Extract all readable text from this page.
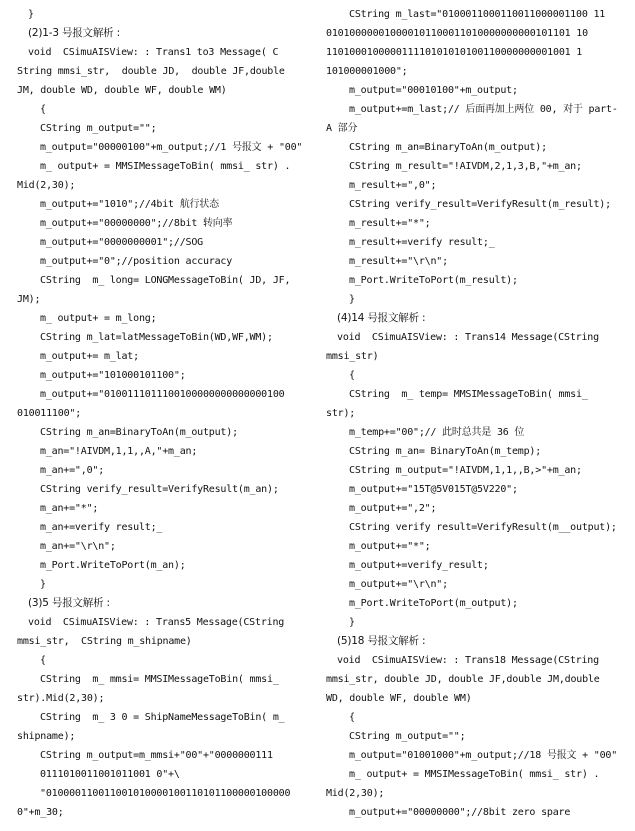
}
(2)1-3 号报文解析 :
void  CSimuAISView: : Trans1 to3 Message( C
String mmsi_str,  double JD,  double JF,double
JM, double WD, double WF, double WM)
{
CString m_output="";
m_output="00000100"+m_output;//1 号报文 + "00"
m_ output+ = MMSIMessageToBin( mmsi_ str) .
Mid(2,30);
m_output+="1010";//4bit 航行状态
m_output+="00000000";//8bit 转向率
m_output+="0000000001";//SOG
m_output+="0";//position accuracy
CString  m_ long= LONGMessageToBin( JD, JF,
JM);
m_ output+ = m_long;
CString m_lat=latMessageToBin(WD,WF,WM);
m_output+= m_lat;
m_output+="101000101100";
m_output+="0100111011100100000000000000100
010011100";
CString m_an=BinaryToAn(m_output);
m_an="!AIVDM,1,1,,A,"+m_an;
m_an+=",0";
CString verify_result=VerifyResult(m_an);
m_an+="*";
m_an+=verify result;_
m_an+="\r\n";
m_Port.WriteToPort(m_an);
}
(3)5 号报文解析 :
void  CSimuAISView: : Trans5 Message(CString
mmsi_str,  CString m_shipname)
{
CString  m_ mmsi= MMSIMessageToBin( mmsi_
str).Mid(2,30);
CString  m_ 3 0 = ShipNameMessageToBin( m_
shipname);
CString m_output=m_mmsi+"00"+"0000000111
0111010011001011001 0"+\
"010000110011001010000100110101100000100000
0"+m_30;
CString m_last="0100011000110011000001100 11
010100000010000101100011010000000000101101 10
110100010000011110101010100110000000001001 1
101000001000";
m_output="00010100"+m_output;
m_output+=m_last;// 后面再加上两位 00, 对于 part-
A 部分
CString m_an=BinaryToAn(m_output);
CString m_result="!AIVDM,2,1,3,B,"+m_an;
m_result+=",0";
CString verify_result=VerifyResult(m_result);
m_result+="*";
m_result+=verify result;_
m_result+="\r\n";
m_Port.WriteToPort(m_result);
}
(4)14 号报文解析 :
void  CSimuAISView: : Trans14 Message(CString
mmsi_str)
{
CString  m_ temp= MMSIMessageToBin( mmsi_
str);
m_temp+="00";// 此时总共是 36 位
CString m_an= BinaryToAn(m_temp);
CString m_output="!AIVDM,1,1,,B,>"+m_an;
m_output+="15T@5V015T@5V220";
m_output+=",2";
CString verify result=VerifyResult(m__output);
m_output+="*";
m_output+=verify_result;
m_output+="\r\n";
m_Port.WriteToPort(m_output);
}
(5)18 号报文解析 :
void  CSimuAISView: : Trans18 Message(CString
mmsi_str, double JD, double JF,double JM,double
WD, double WF, double WM)
{
CString m_output="";
m_output="01001000"+m_output;//18 号报文 + "00"
m_ output+ = MMSIMessageToBin( mmsi_ str) .
Mid(2,30);
m_output+="00000000";//8bit zero spare
